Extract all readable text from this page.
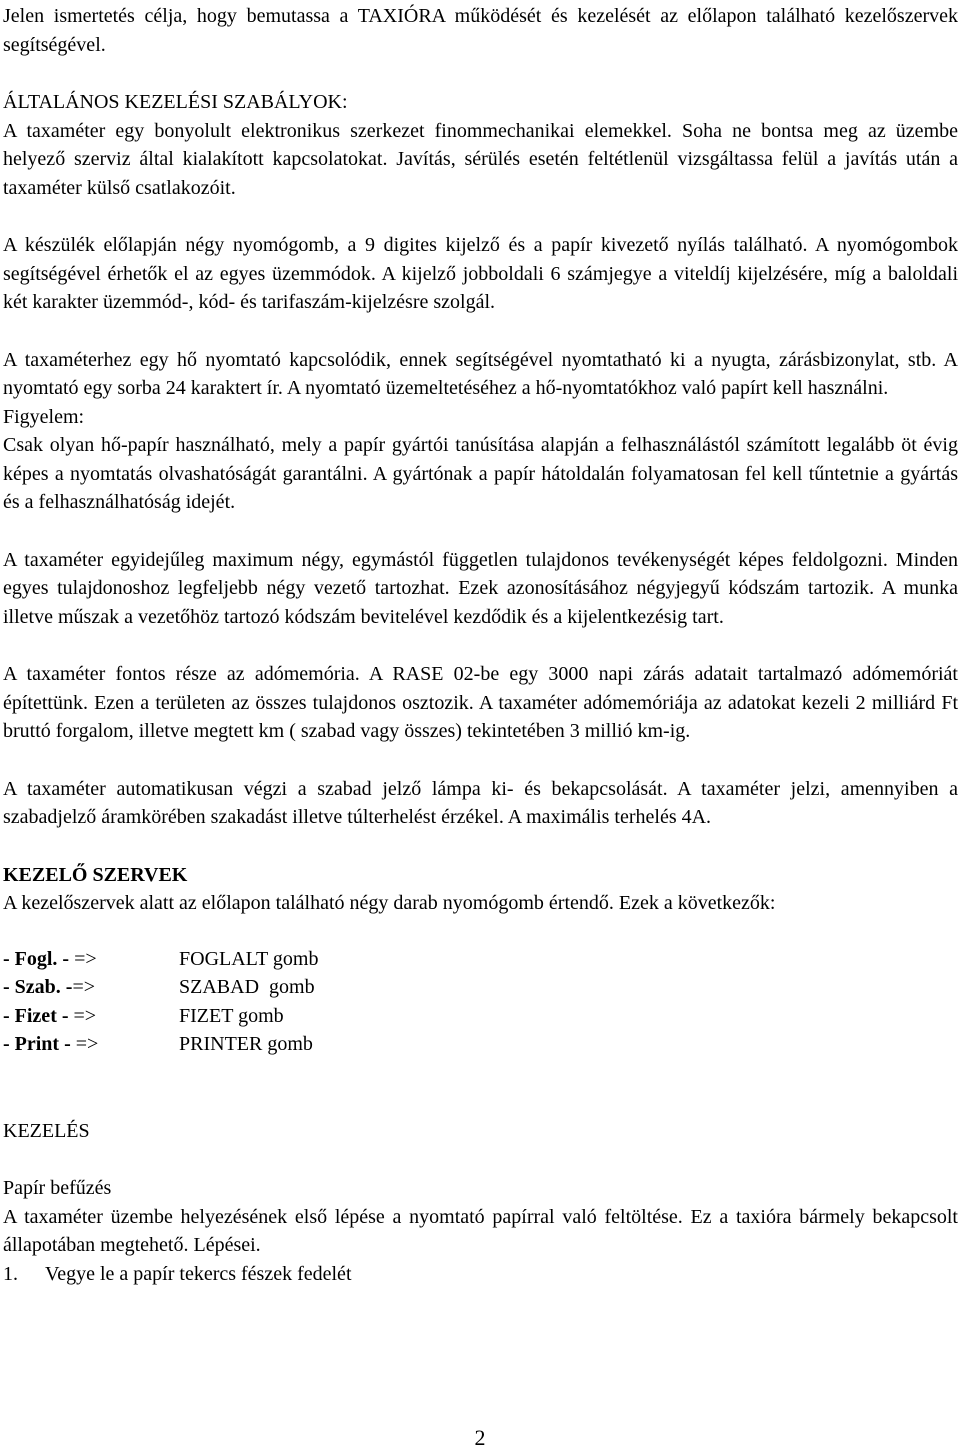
Jelen ismertetés célja, hogy bemutassa a TAXIÓRA működését és kezelését az előlapon található kezelőszervek segítségével.

ÁLTALÁNOS KEZELÉSI SZABÁLYOK:

A taxaméter egy bonyolult elektronikus szerkezet finommechanikai elemekkel. Soha ne bontsa meg az üzembe helyező szerviz által kialakított kapcsolatokat. Javítás, sérülés esetén feltétlenül vizsgáltassa felül a javítás után a taxaméter külső csatlakozóit.

A készülék előlapján négy nyomógomb, a 9 digites kijelző és a papír kivezető nyílás található. A nyomógombok segítségével érhetők el az egyes üzemmódok. A kijelző jobboldali 6 számjegye a viteldíj kijelzésére, míg a baloldali két karakter üzemmód-, kód- és tarifaszám-kijelzésre szolgál.

A taxaméterhez egy hő nyomtató kapcsolódik, ennek segítségével nyomtatható ki a nyugta, zárásbizonylat, stb. A nyomtató egy sorba 24 karaktert ír. A nyomtató üzemeltetéséhez a hő-nyomtatókhoz való papírt kell használni.

Figyelem:

Csak olyan hő-papír használható, mely a papír gyártói tanúsítása alapján a felhasználástól számított legalább öt évig képes a nyomtatás olvashatóságát garantálni. A gyártónak a papír hátoldalán folyamatosan fel kell tűntetnie a gyártás és a felhasználhatóság idejét.

A taxaméter egyidejűleg maximum négy, egymástól független tulajdonos tevékenységét képes feldolgozni. Minden egyes tulajdonoshoz legfeljebb négy vezető tartozhat. Ezek azonosításához négyjegyű kódszám tartozik. A munka illetve műszak a vezetőhöz tartozó kódszám bevitelével kezdődik és a kijelentkezésig tart.

A taxaméter fontos része az adómemória. A RASE 02-be egy 3000 napi zárás adatait tartalmazó adómemóriát építettünk. Ezen a területen az összes tulajdonos osztozik. A taxaméter adómemóriája az adatokat kezeli 2 milliárd Ft bruttó forgalom, illetve megtett km ( szabad vagy összes) tekintetében 3 millió km-ig.

A taxaméter automatikusan végzi a szabad jelző lámpa ki- és bekapcsolását. A taxaméter jelzi, amennyiben a szabadjelző áramkörében szakadást illetve túlterhelést érzékel. A maximális terhelés 4A.

KEZELŐ SZERVEK

A kezelőszervek alatt az előlapon található négy darab nyomógomb értendő. Ezek a következők:

- Fogl. - =>	FOGLALT gomb
- Szab. -=>	SZABAD  gomb
- Fizet - =>	FIZET gomb
- Print - =>	PRINTER gomb

KEZELÉS

Papír befűzés

A taxaméter üzembe helyezésének első lépése a nyomtató papírral való feltöltése. Ez a taxióra bármely bekapcsolt állapotában megtehető. Lépései.

1.	Vegye le a papír tekercs fészek fedelét
2
